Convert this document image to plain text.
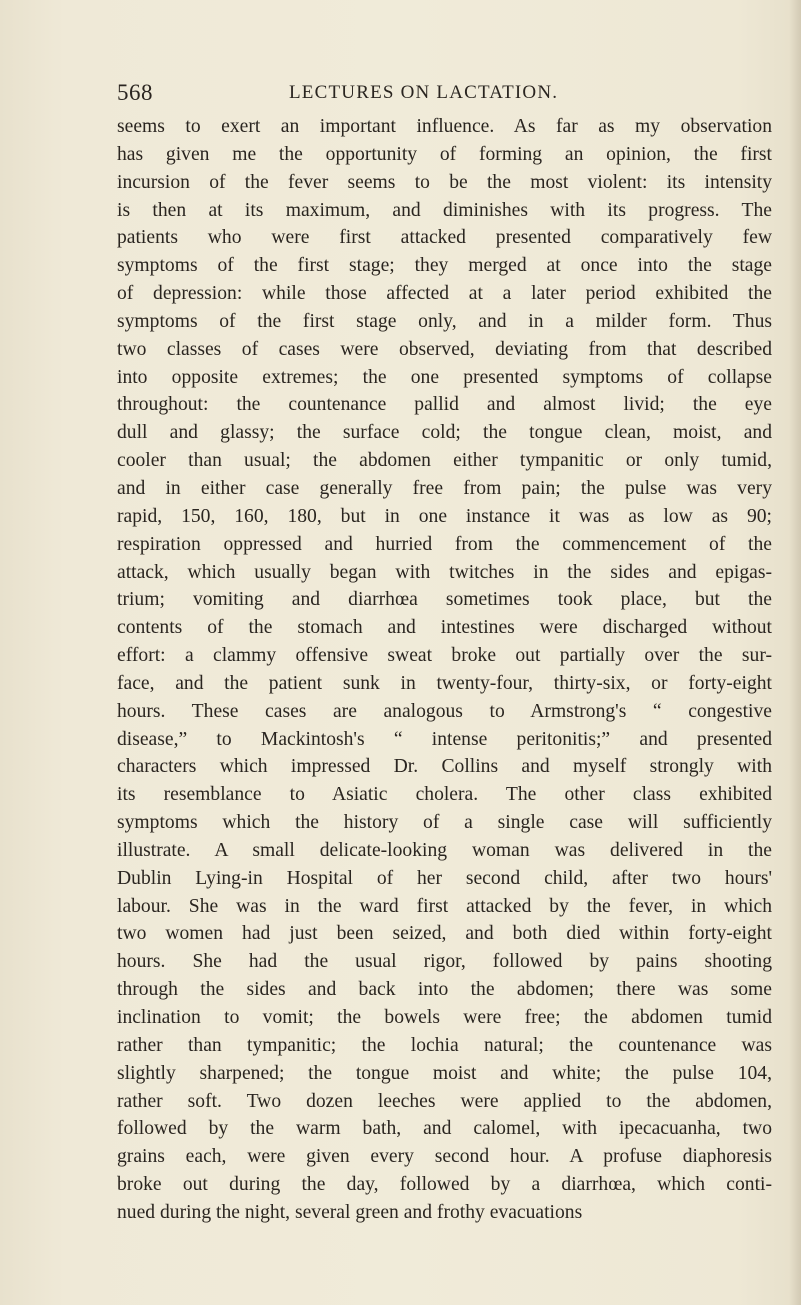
568	LECTURES ON LACTATION.
seems to exert an important influence. As far as my observation
has given me the opportunity of forming an opinion, the first
incursion of the fever seems to be the most violent: its intensity
is then at its maximum, and diminishes with its progress. The
patients who were first attacked presented comparatively few
symptoms of the first stage; they merged at once into the stage
of depression: while those affected at a later period exhibited the
symptoms of the first stage only, and in a milder form. Thus
two classes of cases were observed, deviating from that described
into opposite extremes; the one presented symptoms of collapse
throughout: the countenance pallid and almost livid; the eye
dull and glassy; the surface cold; the tongue clean, moist, and
cooler than usual; the abdomen either tympanitic or only tumid,
and in either case generally free from pain; the pulse was very
rapid, 150, 160, 180, but in one instance it was as low as 90;
respiration oppressed and hurried from the commencement of the
attack, which usually began with twitches in the sides and epigas-
trium; vomiting and diarrhœa sometimes took place, but the
contents of the stomach and intestines were discharged without
effort: a clammy offensive sweat broke out partially over the sur-
face, and the patient sunk in twenty-four, thirty-six, or forty-eight
hours. These cases are analogous to Armstrong's “ congestive
disease,” to Mackintosh's “ intense peritonitis;” and presented
characters which impressed Dr. Collins and myself strongly with
its resemblance to Asiatic cholera. The other class exhibited
symptoms which the history of a single case will sufficiently
illustrate. A small delicate-looking woman was delivered in the
Dublin Lying-in Hospital of her second child, after two hours'
labour. She was in the ward first attacked by the fever, in which
two women had just been seized, and both died within forty-eight
hours. She had the usual rigor, followed by pains shooting
through the sides and back into the abdomen; there was some
inclination to vomit; the bowels were free; the abdomen tumid
rather than tympanitic; the lochia natural; the countenance was
slightly sharpened; the tongue moist and white; the pulse 104,
rather soft. Two dozen leeches were applied to the abdomen,
followed by the warm bath, and calomel, with ipecacuanha, two
grains each, were given every second hour. A profuse diaphoresis
broke out during the day, followed by a diarrhœa, which conti-
nued during the night, several green and frothy evacuations
